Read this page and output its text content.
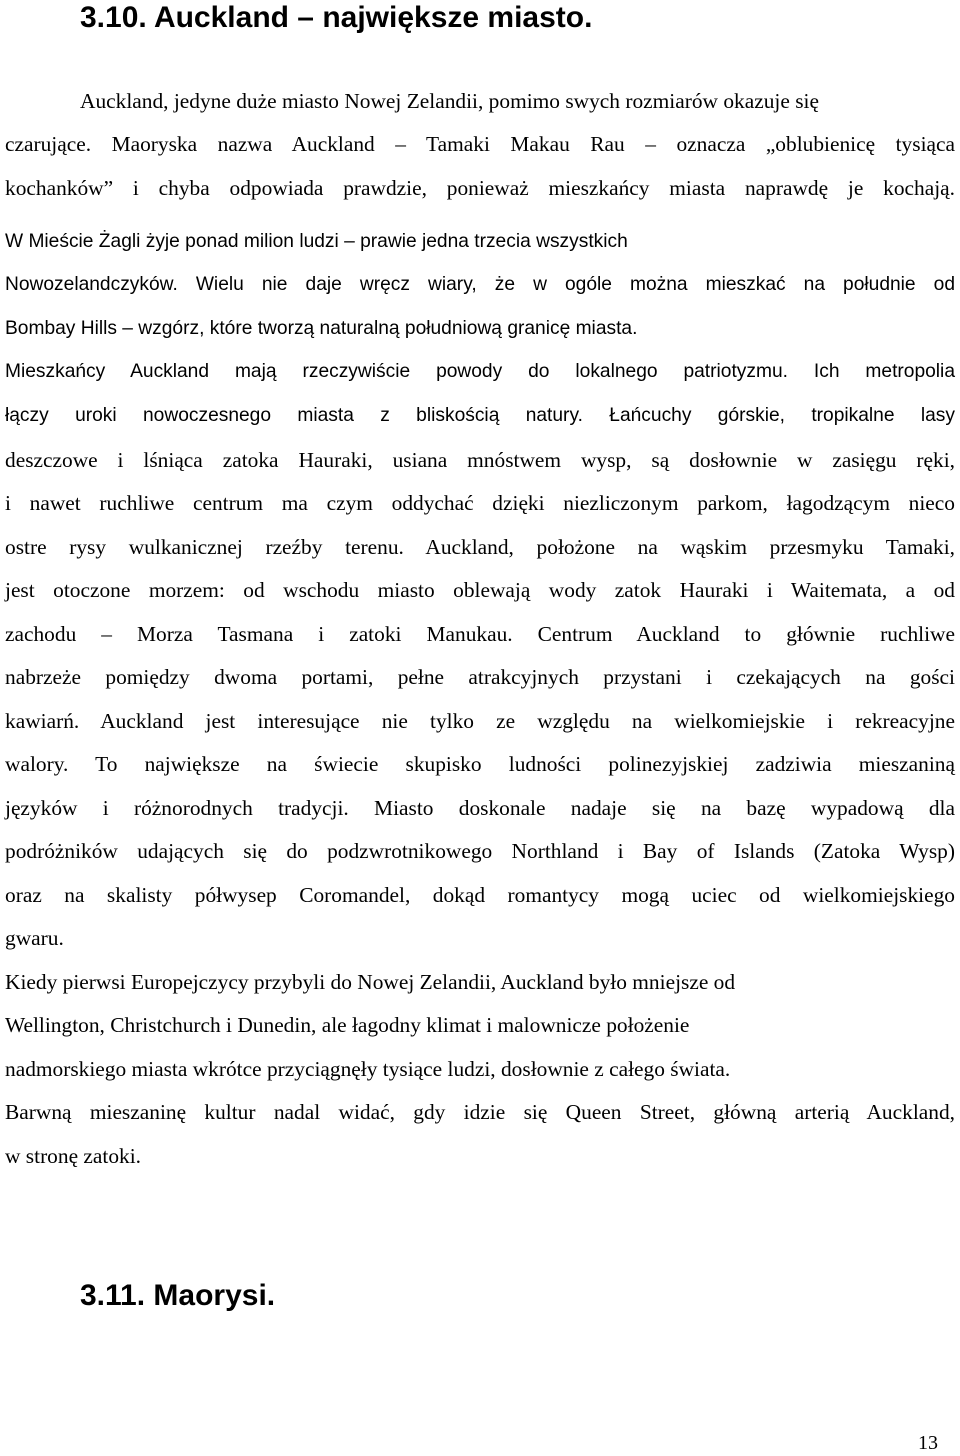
3.10. Auckland – największe miasto.

Auckland, jedyne duże miasto Nowej Zelandii, pomimo swych rozmiarów okazuje się

czarujące. Maoryska nazwa Auckland – Tamaki Makau Rau – oznacza „oblubienicę tysiąca

kochanków” i chyba odpowiada prawdzie, ponieważ mieszkańcy miasta naprawdę je kochają.

W Mieście Żagli żyje ponad milion ludzi – prawie jedna trzecia wszystkich

Nowozelandczyków. Wielu nie daje wręcz wiary, że w ogóle można mieszkać na południe od

Bombay Hills – wzgórz, które tworzą naturalną południową granicę miasta.

Mieszkańcy Auckland mają rzeczywiście powody do lokalnego patriotyzmu. Ich metropolia

łączy uroki nowoczesnego miasta z bliskością natury. Łańcuchy górskie, tropikalne lasy

deszczowe i lśniąca zatoka Hauraki, usiana mnóstwem wysp, są dosłownie w zasięgu ręki,

i nawet ruchliwe centrum ma czym oddychać dzięki niezliczonym parkom, łagodzącym nieco

ostre rysy wulkanicznej rzeźby terenu. Auckland, położone na wąskim przesmyku Tamaki,

jest otoczone morzem: od wschodu miasto oblewają wody zatok Hauraki i Waitemata, a od

zachodu – Morza Tasmana i zatoki Manukau. Centrum Auckland to głównie ruchliwe

nabrzeże pomiędzy dwoma portami, pełne atrakcyjnych przystani i czekających na gości

kawiarń. Auckland jest interesujące nie tylko ze względu na wielkomiejskie i rekreacyjne

walory. To największe na świecie skupisko ludności polinezyjskiej zadziwia mieszaniną

języków i różnorodnych tradycji. Miasto doskonale nadaje się na bazę wypadową dla

podróżników udających się do podzwrotnikowego Northland i Bay of Islands (Zatoka Wysp)

oraz na skalisty półwysep Coromandel, dokąd romantycy mogą uciec od wielkomiejskiego

gwaru.

Kiedy pierwsi Europejczycy przybyli do Nowej Zelandii, Auckland było mniejsze od

Wellington, Christchurch i Dunedin, ale łagodny klimat i malownicze położenie

nadmorskiego miasta wkrótce przyciągnęły tysiące ludzi, dosłownie z całego świata.

Barwną mieszaninę kultur nadal widać, gdy idzie się Queen Street, główną arterią Auckland,

w stronę zatoki.

3.11. Maorysi.

13
